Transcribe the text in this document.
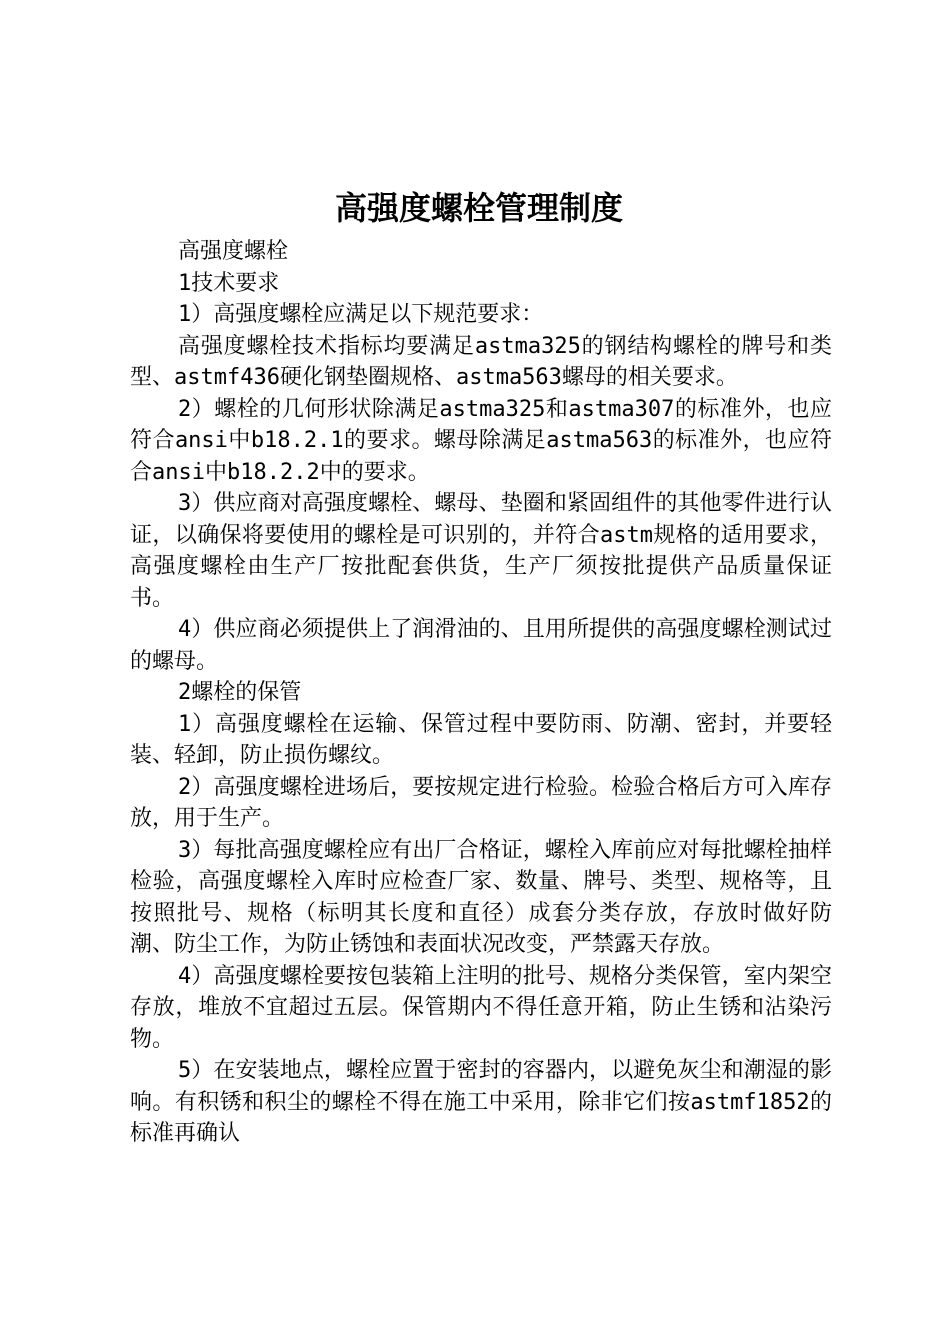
高强度螺栓管理制度

高强度螺栓

1技术要求

1）高强度螺栓应满足以下规范要求：

高强度螺栓技术指标均要满足astma325的钢结构螺栓的牌号和类型、astmf436硬化钢垫圈规格、astma563螺母的相关要求。

2）螺栓的几何形状除满足astma325和astma307的标准外，也应符合ansi中b18.2.1的要求。螺母除满足astma563的标准外，也应符合ansi中b18.2.2中的要求。

3）供应商对高强度螺栓、螺母、垫圈和紧固组件的其他零件进行认证，以确保将要使用的螺栓是可识别的，并符合astm规格的适用要求，高强度螺栓由生产厂按批配套供货，生产厂须按批提供产品质量保证书。

4）供应商必须提供上了润滑油的、且用所提供的高强度螺栓测试过的螺母。

2螺栓的保管

1）高强度螺栓在运输、保管过程中要防雨、防潮、密封，并要轻装、轻卸，防止损伤螺纹。

2）高强度螺栓进场后，要按规定进行检验。检验合格后方可入库存放，用于生产。

3）每批高强度螺栓应有出厂合格证，螺栓入库前应对每批螺栓抽样检验，高强度螺栓入库时应检查厂家、数量、牌号、类型、规格等，且按照批号、规格（标明其长度和直径）成套分类存放，存放时做好防潮、防尘工作，为防止锈蚀和表面状况改变，严禁露天存放。

4）高强度螺栓要按包装箱上注明的批号、规格分类保管，室内架空存放，堆放不宜超过五层。保管期内不得任意开箱，防止生锈和沾染污物。

5）在安装地点，螺栓应置于密封的容器内，以避免灰尘和潮湿的影响。有积锈和积尘的螺栓不得在施工中采用，除非它们按astmf1852的标准再确认
